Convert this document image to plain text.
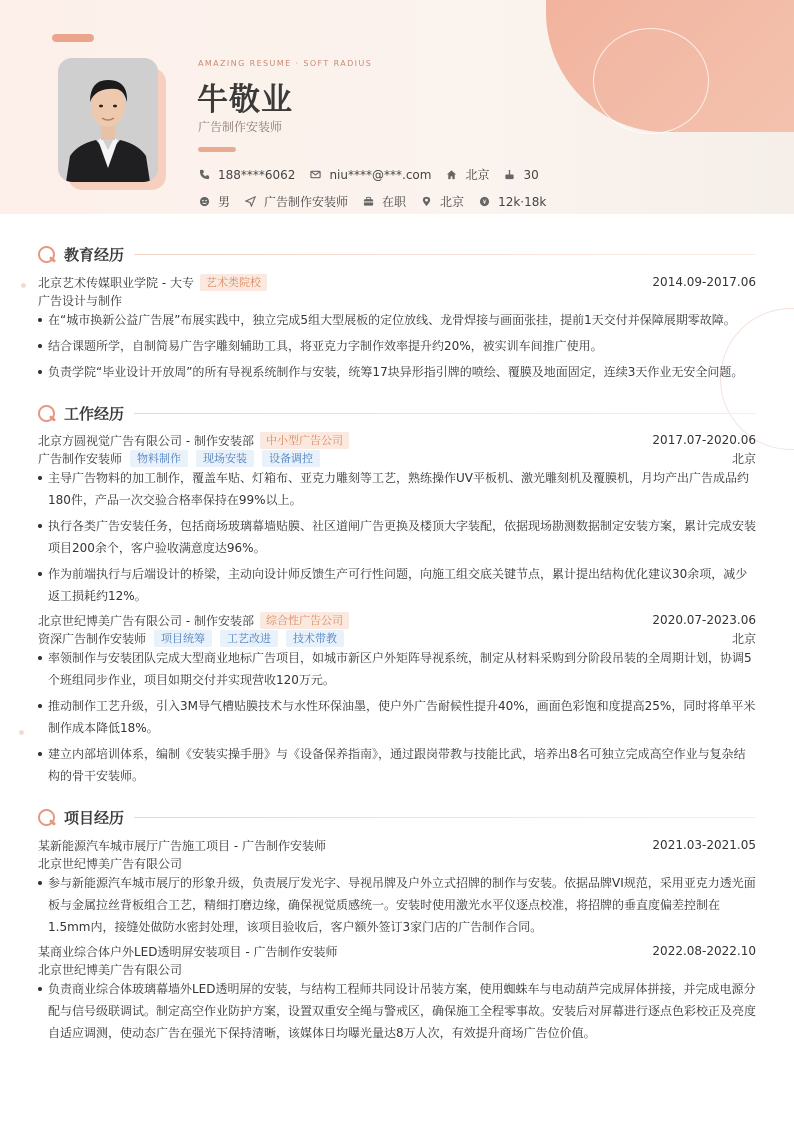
AMAZING RESUME · SOFT RADIUS
牛敬业
广告制作安装师
188****6062	niu****@***.com	北京	30
男	广告制作安装师	在职	北京	¥ 12k·18k
教育经历
北京艺术传媒职业学院 - 大专	艺术类院校	2014.09-2017.06
广告设计与制作
在“城市换新公益广告展”布展实践中，独立完成5组大型展板的定位放线、龙骨焊接与画面张挂，提前1天交付并保障展期零故障。
结合课题所学，自制简易广告字雕刻辅助工具，将亚克力字制作效率提升约20%，被实训车间推广使用。
负责学院“毕业设计开放周”的所有导视系统制作与安装，统筹17块异形指引牌的喷绘、覆膜及地面固定，连续3天作业无安全问题。
工作经历
北京方圆视觉广告有限公司 - 制作安装部	中小型广告公司	2017.07-2020.06
广告制作安装师	物料制作	现场安装	设备调控	北京
主导广告物料的加工制作，覆盖车贴、灯箱布、亚克力雕刻等工艺，熟练操作UV平板机、激光雕刻机及覆膜机，月均产出广告成品约180件，产品一次交验合格率保持在99%以上。
执行各类广告安装任务，包括商场玻璃幕墙贴膜、社区道闸广告更换及楼顶大字装配，依据现场勘测数据制定安装方案，累计完成安装项目200余个，客户验收满意度达96%。
作为前端执行与后端设计的桥梁，主动向设计师反馈生产可行性问题，向施工组交底关键节点，累计提出结构优化建议30余项，减少返工损耗约12%。
北京世纪博美广告有限公司 - 制作安装部	综合性广告公司	2020.07-2023.06
资深广告制作安装师	项目统筹	工艺改进	技术带教	北京
率领制作与安装团队完成大型商业地标广告项目，如城市新区户外矩阵导视系统，制定从材料采购到分阶段吊装的全周期计划，协调5个班组同步作业，项目如期交付并实现营收120万元。
推动制作工艺升级，引入3M导气槽贴膜技术与水性环保油墨，使户外广告耐候性提升40%，画面色彩饱和度提高25%，同时将单平米制作成本降低18%。
建立内部培训体系，编制《安装实操手册》与《设备保养指南》，通过跟岗带教与技能比武，培养出8名可独立完成高空作业与复杂结构的骨干安装师。
项目经历
某新能源汽车城市展厅广告施工项目 - 广告制作安装师	2021.03-2021.05
北京世纪博美广告有限公司
参与新能源汽车城市展厅的形象升级，负责展厅发光字、导视吊牌及户外立式招牌的制作与安装。依据品牌VI规范，采用亚克力透光面板与金属拉丝背板组合工艺，精细打磨边缘，确保视觉质感统一。安装时使用激光水平仪逐点校准，将招牌的垂直度偏差控制在1.5mm内，接缝处做防水密封处理，该项目验收后，客户额外签订3家门店的广告制作合同。
某商业综合体户外LED透明屏安装项目 - 广告制作安装师	2022.08-2022.10
北京世纪博美广告有限公司
负责商业综合体玻璃幕墙外LED透明屏的安装，与结构工程师共同设计吊装方案，使用蜘蛛车与电动葫芦完成屏体拼接，并完成电源分配与信号级联调试。制定高空作业防护方案，设置双重安全绳与警戒区，确保施工全程零事故。安装后对屏幕进行逐点色彩校正及亮度自适应调测，使动态广告在强光下保持清晰，该媒体日均曝光量达8万人次，有效提升商场广告位价值。
